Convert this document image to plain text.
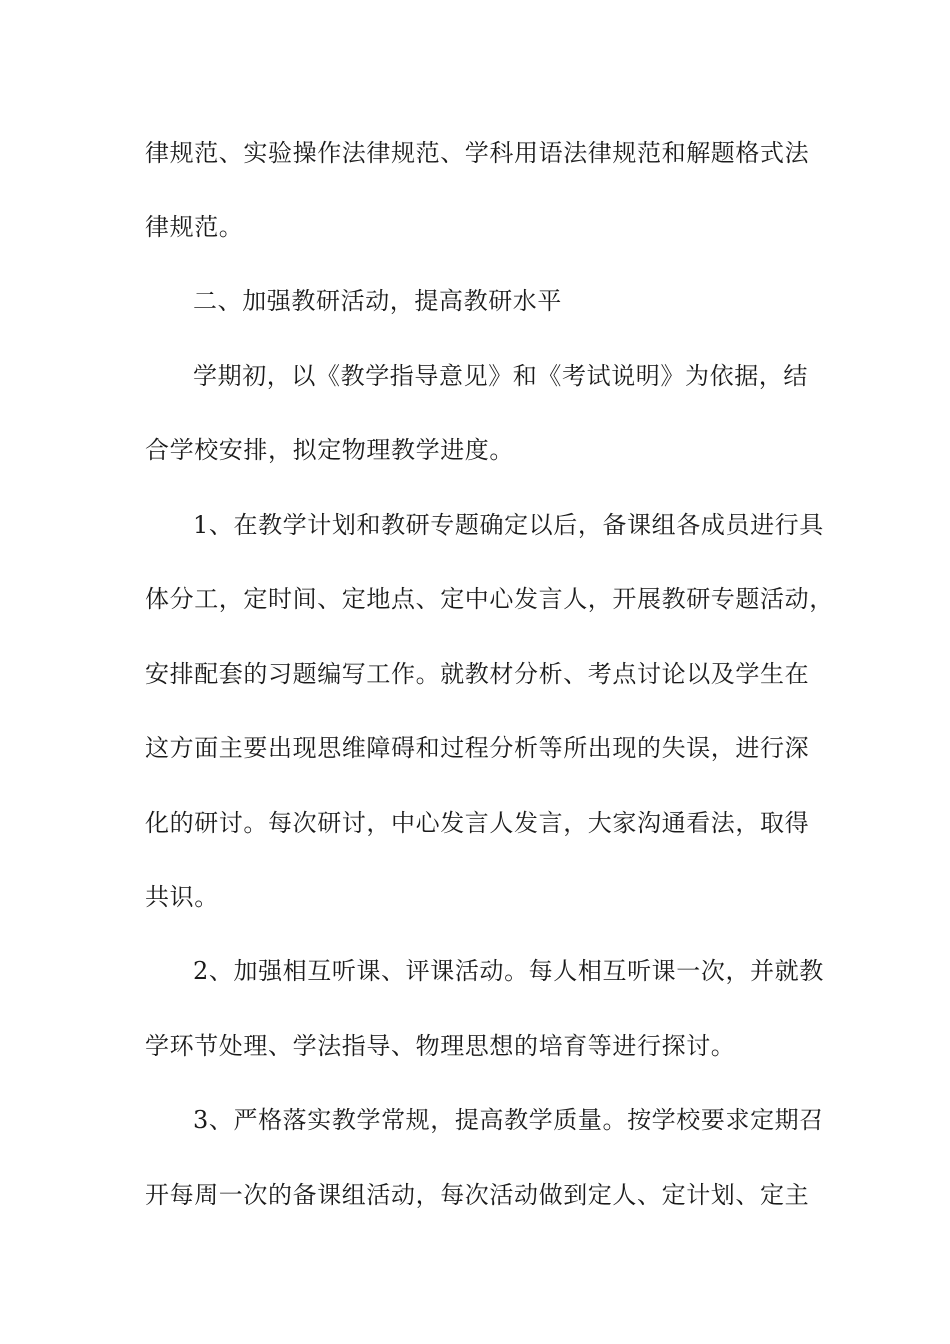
律规范、实验操作法律规范、学科用语法律规范和解题格式法

律规范。

二、加强教研活动，提高教研水平

学期初，以《教学指导意见》和《考试说明》为依据，结

合学校安排，拟定物理教学进度。

1、在教学计划和教研专题确定以后，备课组各成员进行具

体分工，定时间、定地点、定中心发言人，开展教研专题活动，

安排配套的习题编写工作。就教材分析、考点讨论以及学生在

这方面主要出现思维障碍和过程分析等所出现的失误，进行深

化的研讨。每次研讨，中心发言人发言，大家沟通看法，取得

共识。

2、加强相互听课、评课活动。每人相互听课一次，并就教

学环节处理、学法指导、物理思想的培育等进行探讨。

3、严格落实教学常规，提高教学质量。按学校要求定期召

开每周一次的备课组活动，每次活动做到定人、定计划、定主
